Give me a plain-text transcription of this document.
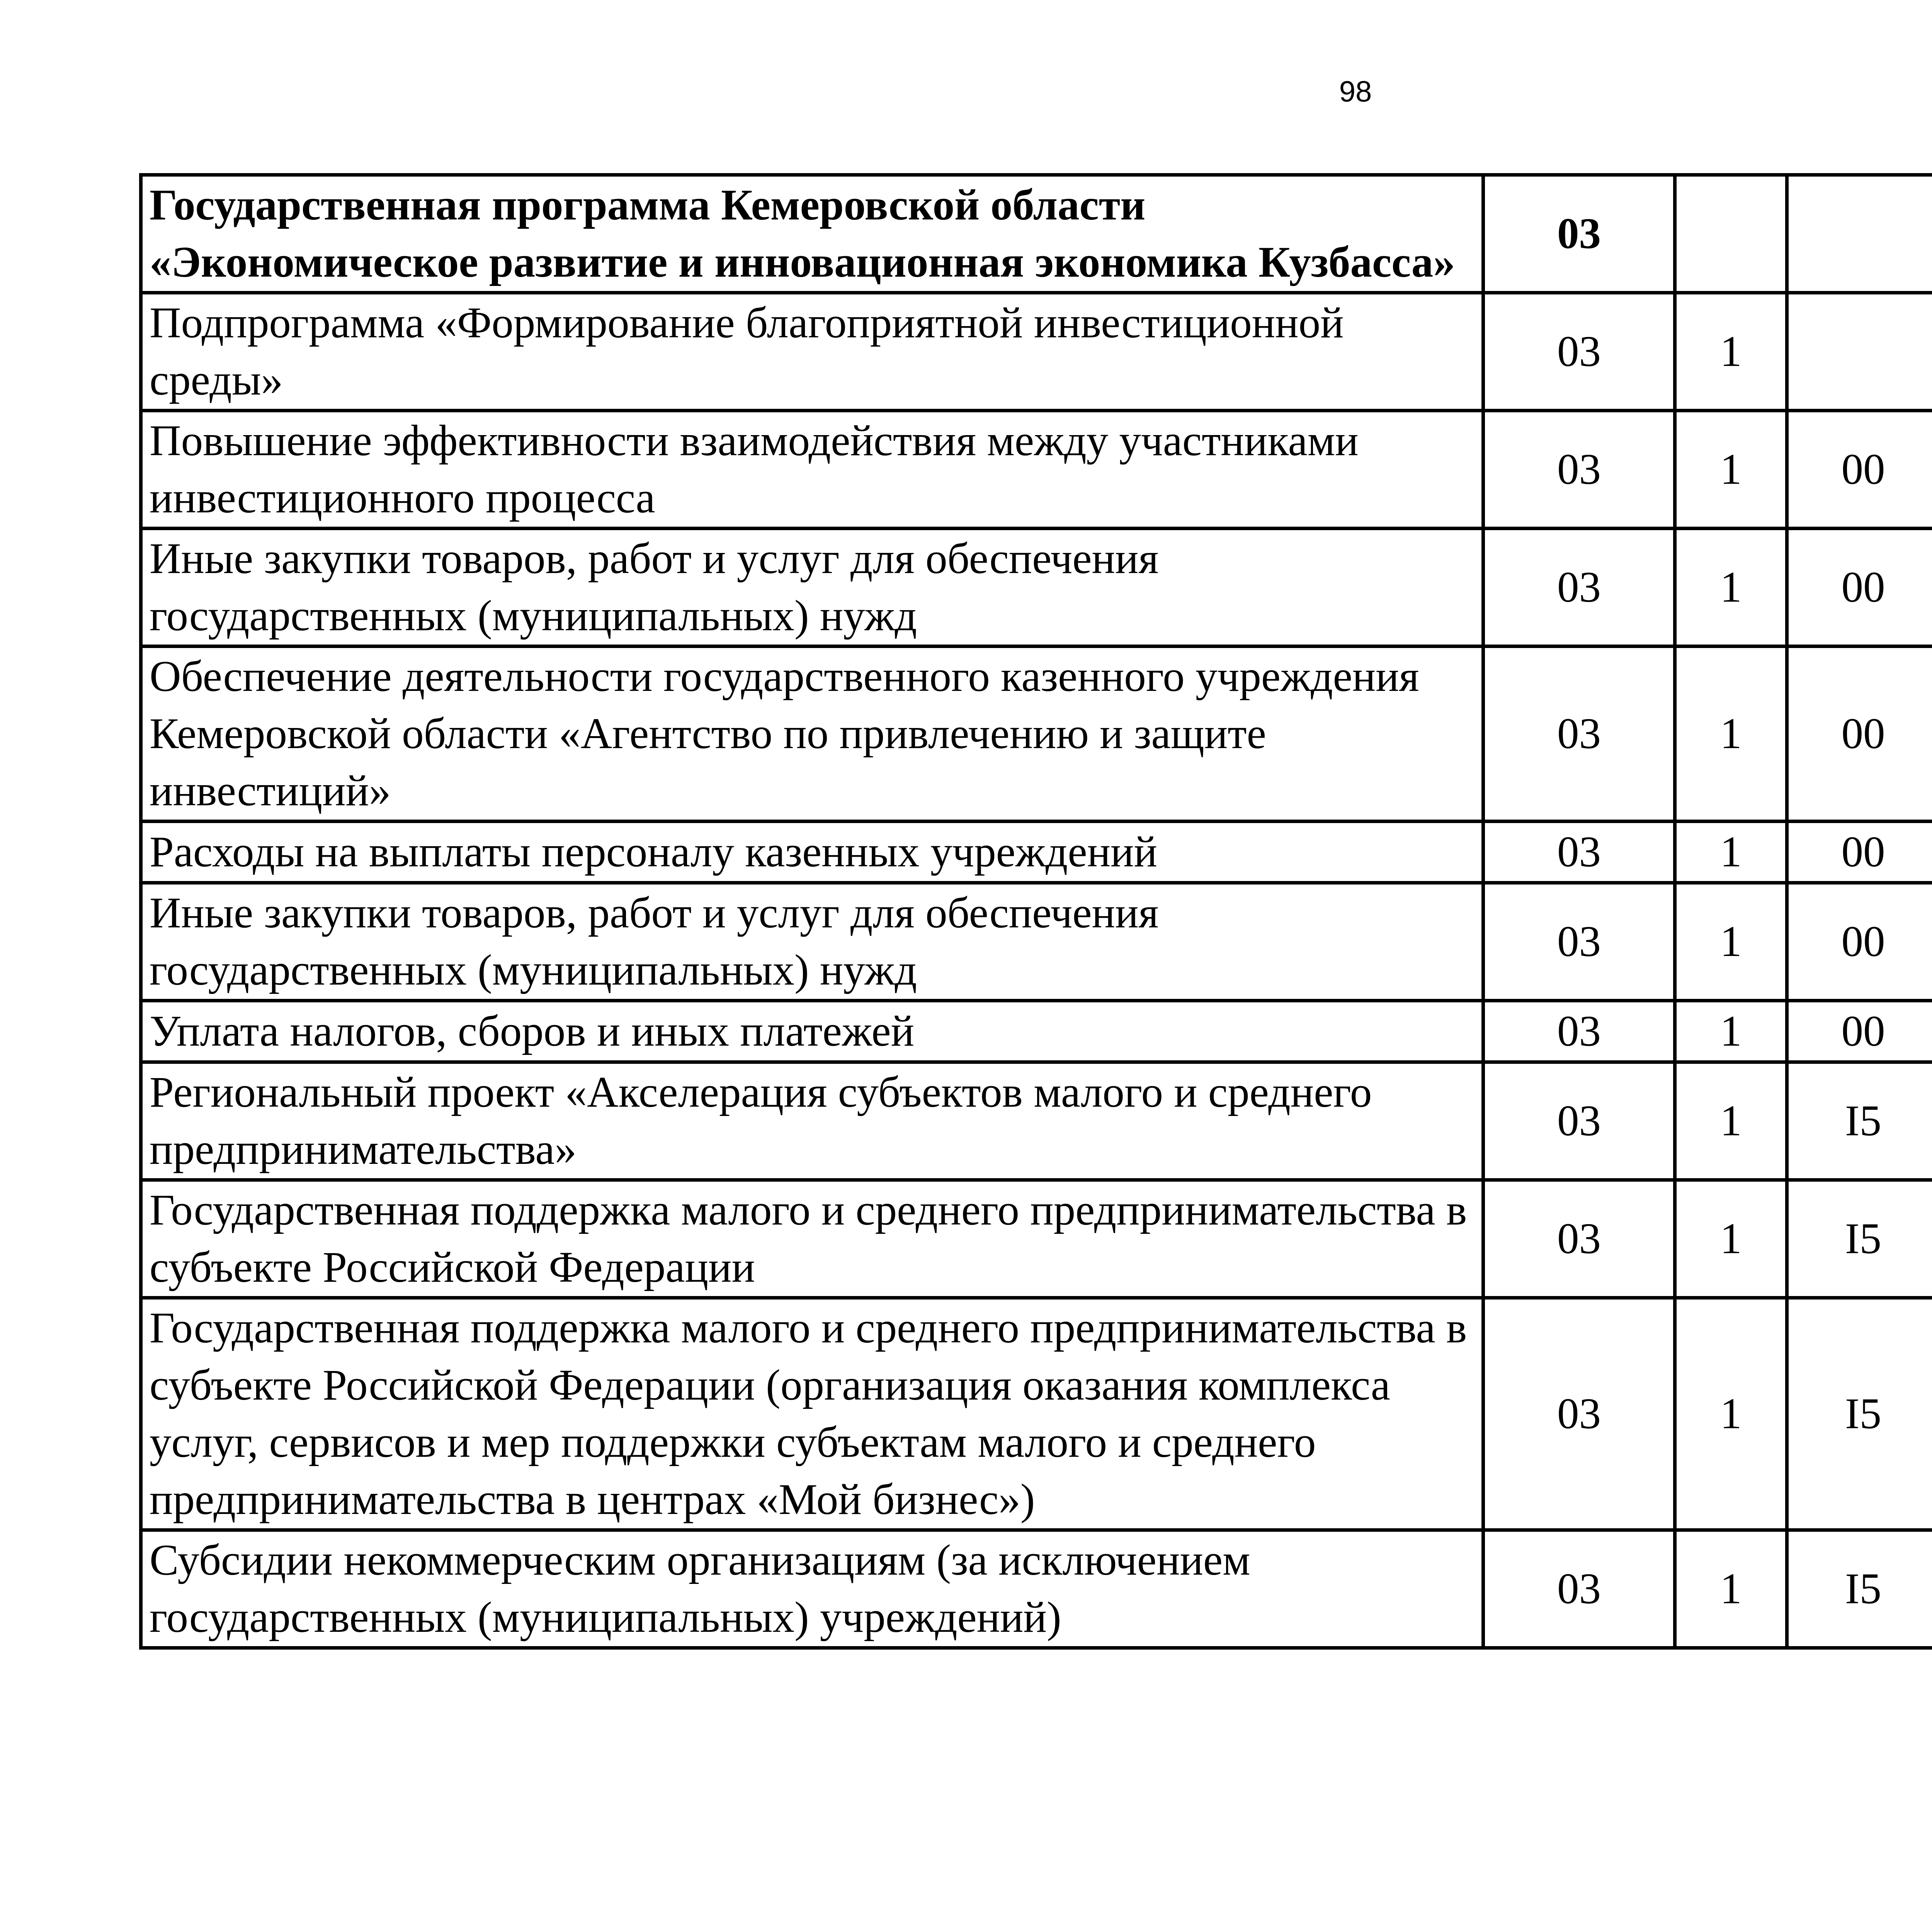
98
Государственная программа Кемеровской области «Экономическое развитие и инновационная экономика Кузбасса»	03					
Подпрограмма «Формирование благоприятной инвестиционной среды»	03	1				
Повышение эффективности взаимодействия между участниками инвестиционного процесса	03	1	00			
Иные закупки товаров, работ и услуг для обеспечения государственных (муниципальных) нужд	03	1	00			
Обеспечение деятельности государственного казенного учреждения Кемеровской области «Агентство по привлечению и защите инвестиций»	03	1	00			
Расходы на выплаты персоналу казенных учреждений	03	1	00			
Иные закупки товаров, работ и услуг для обеспечения государственных (муниципальных) нужд	03	1	00			
Уплата налогов, сборов и иных платежей	03	1	00			
Региональный проект «Акселерация субъектов малого и среднего предпринимательства»	03	1	I5			
Государственная поддержка малого и среднего предпринимательства в субъекте Российской Федерации	03	1	I5			
Государственная поддержка малого и среднего предпринимательства в субъекте Российской Федерации (организация оказания комплекса услуг, сервисов и мер поддержки субъектам малого и среднего предпринимательства в центрах «Мой бизнес»)	03	1	I5			
Субсидии некоммерческим организациям (за исключением государственных (муниципальных) учреждений)	03	1	I5			
